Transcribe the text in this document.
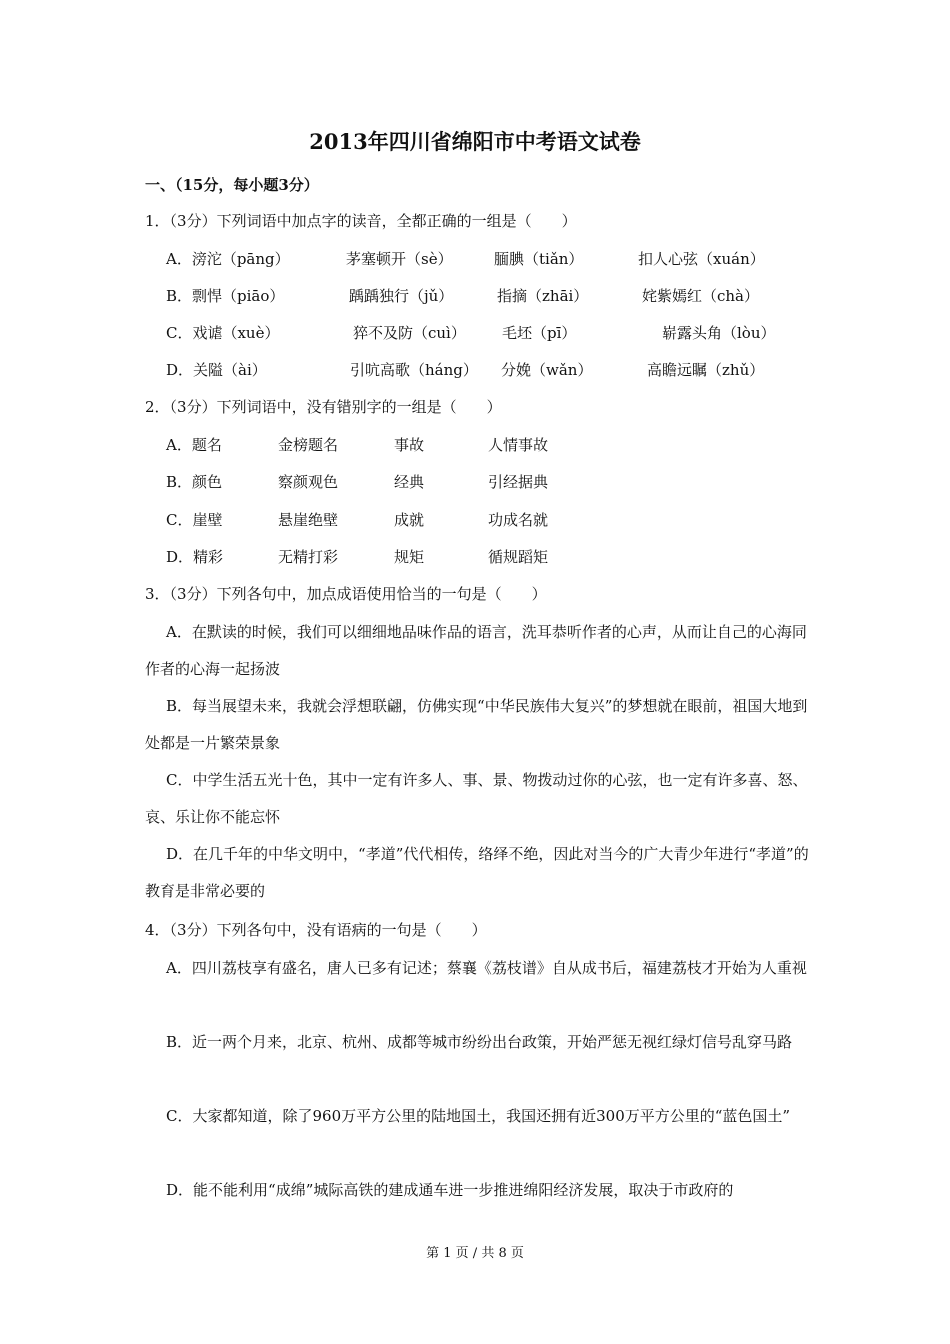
2013年四川省绵阳市中考语文试卷
一、（15分，每小题3分）
1．（3分）下列词语中加点字的读音，全都正确的一组是（　　）
A．滂沱（pāng）	茅塞顿开（sè）	腼腆（tiǎn）	扣人心弦（xuán）
B．剽悍（piāo）	踽踽独行（jǔ）	指摘（zhāi）	姹紫嫣红（chà）
C．戏谑（xuè）	猝不及防（cuì） 毛坯（pī）	崭露头角（lòu）
D．关隘（ài）	引吭高歌（háng） 分娩（wǎn）	高瞻远瞩（zhǔ）
2．（3分）下列词语中，没有错别字的一组是（　　）
A．题名	金榜题名	事故	人情事故
B．颜色	察颜观色	经典	引经据典
C．崖壁	悬崖绝壁	成就	功成名就
D．精彩	无精打彩	规矩	循规蹈矩
3．（3分）下列各句中，加点成语使用恰当的一句是（　　）
A．在默读的时候，我们可以细细地品味作品的语言，洗耳恭听作者的心声，从而让自己的心海同作者的心海一起扬波
B．每当展望未来，我就会浮想联翩，仿佛实现“中华民族伟大复兴”的梦想就在眼前，祖国大地到处都是一片繁荣景象
C．中学生活五光十色，其中一定有许多人、事、景、物拨动过你的心弦，也一定有许多喜、怒、哀、乐让你不能忘怀
D．在几千年的中华文明中，“孝道”代代相传，络绎不绝，因此对当今的广大青少年进行“孝道”的教育是非常必要的
4．（3分）下列各句中，没有语病的一句是（　　）
A．四川荔枝享有盛名，唐人已多有记述；蔡襄《荔枝谱》自从成书后，福建荔枝才开始为人重视
B．近一两个月来，北京、杭州、成都等城市纷纷出台政策，开始严惩无视红绿灯信号乱穿马路
C．大家都知道，除了960万平方公里的陆地国土，我国还拥有近300万平方公里的“蓝色国土”
D．能不能利用“成绵”城际高铁的建成通车进一步推进绵阳经济发展，取决于市政府的
第 1 页 / 共 8 页
